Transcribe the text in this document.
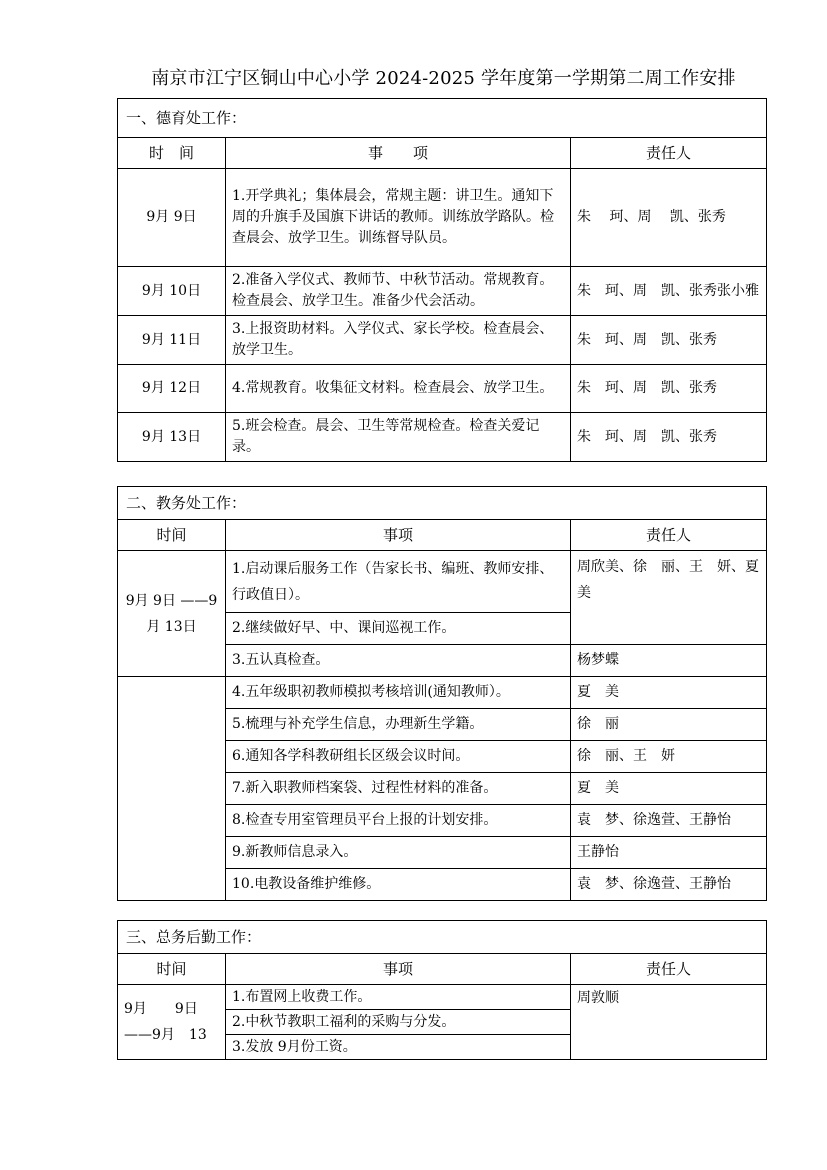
南京市江宁区铜山中心小学 2024-2025 学年度第一学期第二周工作安排
一、德育处工作：		
时　间	事　　项	责任人
9月 9日	1.开学典礼；集体晨会，常规主题：讲卫生。通知下周的升旗手及国旗下讲话的教师。训练放学路队。检查晨会、放学卫生。训练督导队员。	朱　 珂、周　 凯、张秀
9月 10日	2.准备入学仪式、教师节、中秋节活动。常规教育。检查晨会、放学卫生。准备少代会活动。	朱　珂、周　凯、张秀张小雅
9月 11日	3.上报资助材料。入学仪式、家长学校。检查晨会、放学卫生。	朱　珂、周　凯、张秀
9月 12日	4.常规教育。收集征文材料。检查晨会、放学卫生。	朱　珂、周　凯、张秀
9月 13日	5.班会检查。晨会、卫生等常规检查。检查关爱记录。	朱　珂、周　凯、张秀
二、教务处工作：		
时间	事项	责任人
9月 9日 ——9月 13日	1.启动课后服务工作（告家长书、编班、教师安排、行政值日）。	周欣美、徐　丽、王　妍、夏　美
	2.继续做好早、中、课间巡视工作。	
	3.五认真检查。	杨梦蝶
	4.五年级职初教师模拟考核培训(通知教师）。	夏　美
	5.梳理与补充学生信息，办理新生学籍。	徐　丽
	6.通知各学科教研组长区级会议时间。	徐　丽、王　妍
	7.新入职教师档案袋、过程性材料的准备。	夏　美
	8.检查专用室管理员平台上报的计划安排。	袁　梦、徐逸萱、王静怡
	9.新教师信息录入。	王静怡
	10.电教设备维护维修。	袁　梦、徐逸萱、王静怡
三、总务后勤工作：		
时间	事项	责任人
9月　　9日 ——9月　13	1.布置网上收费工作。	周敦顺
	2.中秋节教职工福利的采购与分发。	
	3.发放 9月份工资。	
